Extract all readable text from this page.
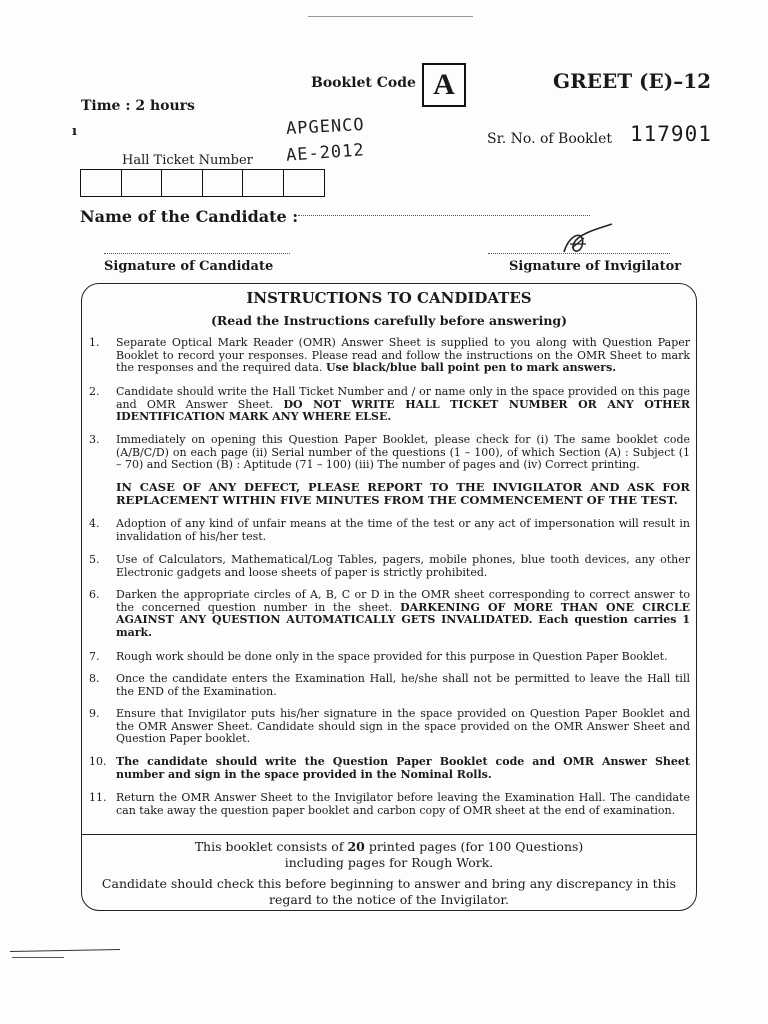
Booklet Code A	GREET (E)–12
Time : 2 hours
ı	APGENCO
AE-2012
Sr. No. of Booklet 117901
Hall Ticket Number
Name of the Candidate :
Signature of Candidate	Signature of Invigilator
INSTRUCTIONS TO CANDIDATES
(Read the Instructions carefully before answering)
1.	Separate Optical Mark Reader (OMR) Answer Sheet is supplied to you along with Question Paper Booklet to record your responses. Please read and follow the instructions on the OMR Sheet to mark the responses and the required data. Use black/blue ball point pen to mark answers.
2.	Candidate should write the Hall Ticket Number and / or name only in the space provided on this page and OMR Answer Sheet. DO NOT WRITE HALL TICKET NUMBER OR ANY OTHER IDENTIFICATION MARK ANY WHERE ELSE.
3.	Immediately on opening this Question Paper Booklet, please check for (i) The same booklet code (A/B/C/D) on each page (ii) Serial number of the questions (1 – 100), of which Section (A) : Subject (1 – 70) and Section (B) : Aptitude (71 – 100) (iii) The number of pages and (iv) Correct printing.
IN CASE OF ANY DEFECT, PLEASE REPORT TO THE INVIGILATOR AND ASK FOR REPLACEMENT WITHIN FIVE MINUTES FROM THE COMMENCEMENT OF THE TEST.
4.	Adoption of any kind of unfair means at the time of the test or any act of impersonation will result in invalidation of his/her test.
5.	Use of Calculators, Mathematical/Log Tables, pagers, mobile phones, blue tooth devices, any other Electronic gadgets and loose sheets of paper is strictly prohibited.
6.	Darken the appropriate circles of A, B, C or D in the OMR sheet corresponding to correct answer to the concerned question number in the sheet. DARKENING OF MORE THAN ONE CIRCLE AGAINST ANY QUESTION AUTOMATICALLY GETS INVALIDATED. Each question carries 1 mark.
7.	Rough work should be done only in the space provided for this purpose in Question Paper Booklet.
8.	Once the candidate enters the Examination Hall, he/she shall not be permitted to leave the Hall till the END of the Examination.
9.	Ensure that Invigilator puts his/her signature in the space provided on Question Paper Booklet and the OMR Answer Sheet. Candidate should sign in the space provided on the OMR Answer Sheet and Question Paper booklet.
10. The candidate should write the Question Paper Booklet code and OMR Answer Sheet number and sign in the space provided in the Nominal Rolls.
11. Return the OMR Answer Sheet to the Invigilator before leaving the Examination Hall. The candidate can take away the question paper booklet and carbon copy of OMR sheet at the end of examination.
This booklet consists of 20 printed pages (for 100 Questions)
including pages for Rough Work.
Candidate should check this before beginning to answer and bring any discrepancy in this regard to the notice of the Invigilator.
